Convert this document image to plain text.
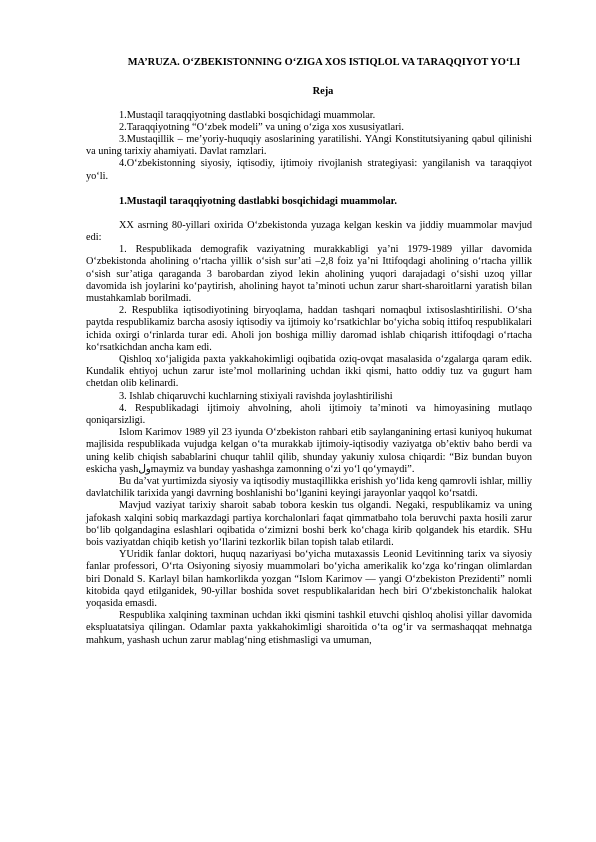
MA’RUZA. O‘ZBEKISTONNING O‘ZIGA XOS ISTIQLOL VA TARAQQIYOT YO‘LI
Reja

1.Mustaqil taraqqiyotning dastlabki bosqichidagi muammolar.

2.Taraqqiyotning “O‘zbek modeli” va uning o‘ziga xos xususiyatlari.

3.Mustaqillik – me’yoriy-huquqiy asoslarining yaratilishi. YAngi Konstitutsiyaning qabul qilinishi va uning tarixiy ahamiyati. Davlat ramzlari.

4.O‘zbekistonning siyosiy, iqtisodiy, ijtimoiy rivojlanish strategiyasi: yangilanish va taraqqiyot yo‘li.

1.Mustaqil taraqqiyotning dastlabki bosqichidagi muammolar.

XX asrning 80-yillari oxirida O‘zbekistonda yuzaga kelgan keskin va jiddiy muammolar mavjud edi:

1. Respublikada demografik vaziyatning murakkabligi ya’ni 1979-1989 yillar davomida O‘zbekistonda aholining o‘rtacha yillik o‘sish sur’ati –2,8 foiz ya’ni Ittifoqdagi aholining o‘rtacha yillik o‘sish sur’atiga qaraganda 3 barobardan ziyod lekin aholining yuqori darajadagi o‘sishi uzoq yillar davomida ish joylarini ko‘paytirish, aholining hayot ta’minoti uchun zarur shart-sharoitlarni yaratish bilan mustahkamlab borilmadi.

2. Respublika iqtisodiyotining biryoqlama, haddan tashqari nomaqbul ixtisoslashtirilishi. O‘sha paytda respublikamiz barcha asosiy iqtisodiy va ijtimoiy ko‘rsatkichlar bo‘yicha sobiq ittifoq respublikalari ichida oxirgi o‘rinlarda turar edi. Aholi jon boshiga milliy daromad ishlab chiqarish ittifoqdagi o‘rtacha ko‘rsatkichdan ancha kam edi.

Qishloq xo‘jaligida paxta yakkahokimligi oqibatida oziq-ovqat masalasida o‘zgalarga qaram edik. Kundalik ehtiyoj uchun zarur iste’mol mollarining uchdan ikki qismi, hatto oddiy tuz va gugurt ham chetdan olib kelinardi.

3. Ishlab chiqaruvchi kuchlarning stixiyali ravishda joylashtirilishi

4. Respublikadagi ijtimoiy ahvolning, aholi ijtimoiy ta’minoti va himoyasining mutlaqo qoniqarsizligi.

Islom Karimov 1989 yil 23 iyunda O‘zbekiston rahbari etib saylanganining ertasi kuniyoq hukumat majlisida respublikada vujudga kelgan o‘ta murakkab ijtimoiy-iqtisodiy vaziyatga ob’ektiv baho berdi va uning kelib chiqish sabablarini chuqur tahlil qilib, shunday yakuniy xulosa chiqardi: “Biz bundan buyon eskicha yashولmaymiz va bunday yashashga zamonning o‘zi yo‘l qo‘ymaydi”.

Bu da’vat yurtimizda siyosiy va iqtisodiy mustaqillikka erishish yo‘lida keng qamrovli ishlar, milliy davlatchilik tarixida yangi davrning boshlanishi bo‘lganini keyingi jarayonlar yaqqol ko‘rsatdi.

Mavjud vaziyat tarixiy sharoit sabab tobora keskin tus olgandi. Negaki, respublikamiz va uning jafokash xalqini sobiq markazdagi partiya korchalonlari faqat qimmatbaho tola beruvchi paxta hosili zarur bo‘lib qolgandagina eslashlari oqibatida o‘zimizni boshi berk ko‘chaga kirib qolgandek his etardik. SHu bois vaziyatdan chiqib ketish yo‘llarini tezkorlik bilan topish talab etilardi.

YUridik fanlar doktori, huquq nazariyasi bo‘yicha mutaxassis Leonid Levitinning tarix va siyosiy fanlar professori, O‘rta Osiyoning siyosiy muammolari bo‘yicha amerikalik ko‘zga ko‘ringan olimlardan biri Donald S. Karlayl bilan hamkorlikda yozgan “Islom Karimov — yangi O‘zbekiston Prezidenti” nomli kitobida qayd etilganidek, 90-yillar boshida sovet respublikalaridan hech biri O‘zbekistonchalik halokat yoqasida emasdi.

Respublika xalqining taxminan uchdan ikki qismini tashkil etuvchi qishloq aholisi yillar davomida ekspluatatsiya qilingan. Odamlar paxta yakkahokimligi sharoitida o‘ta og‘ir va sermashaqqat mehnatga mahkum, yashash uchun zarur mablag‘ning etishmasligi va umuman,
